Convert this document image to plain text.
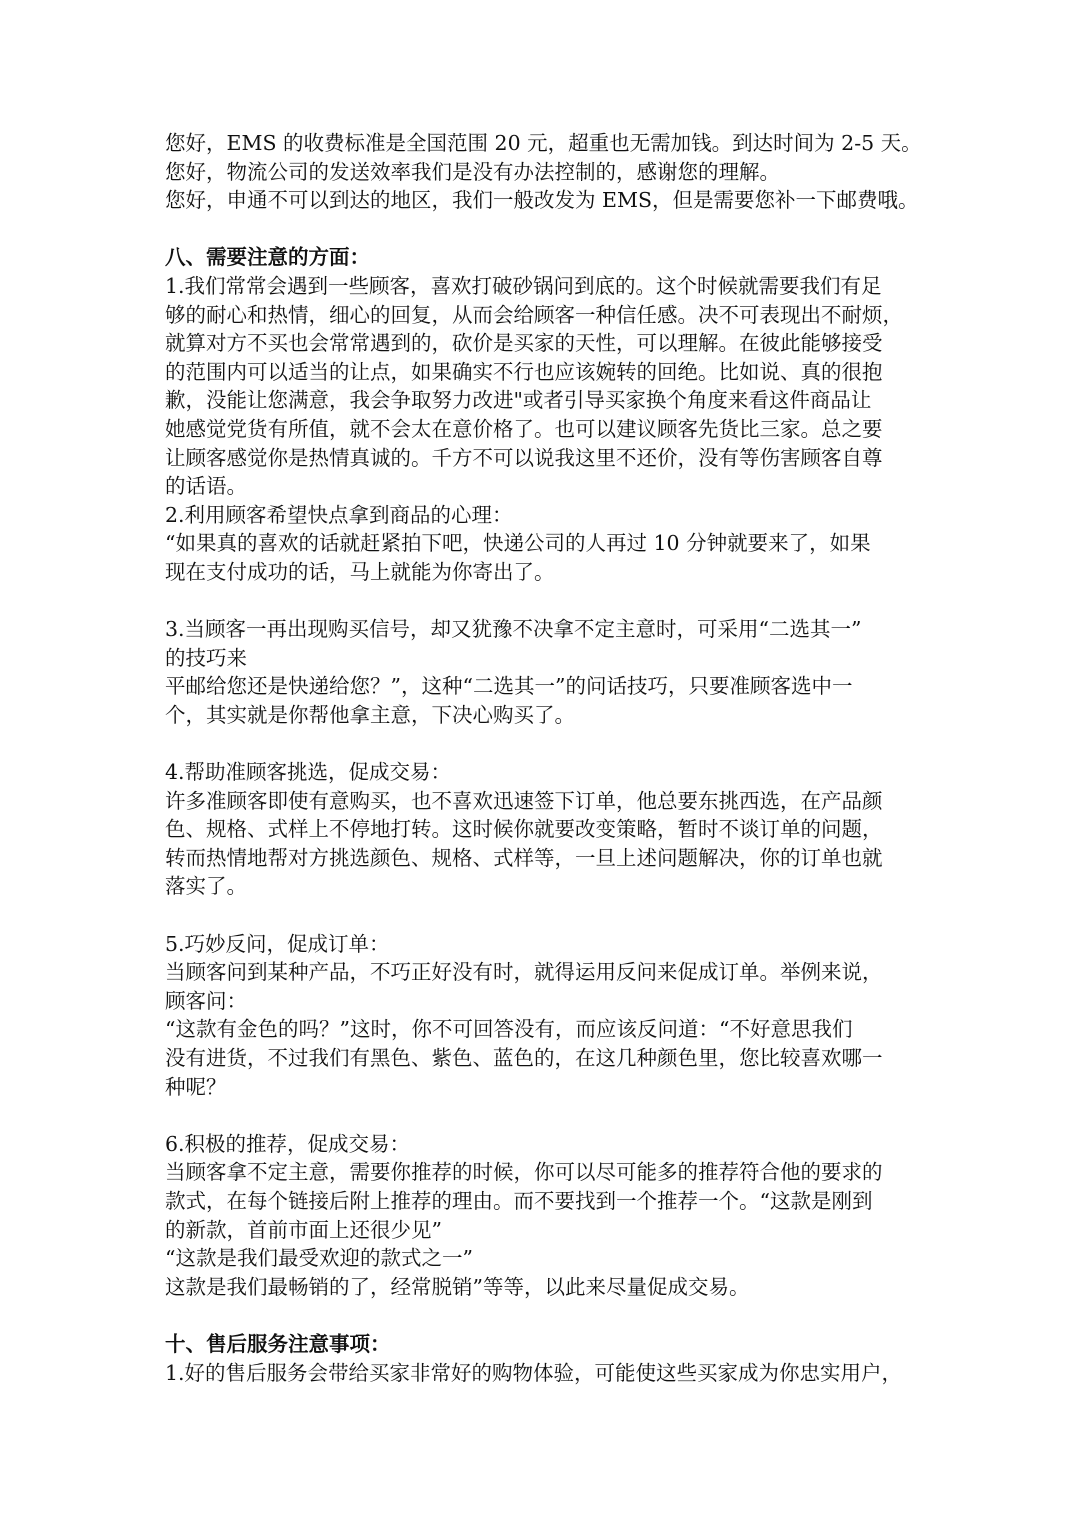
您好，EMS 的收费标准是全国范围 20 元，超重也无需加钱。到达时间为 2-5 天。
您好，物流公司的发送效率我们是没有办法控制的，感谢您的理解。
您好，申通不可以到达的地区，我们一般改发为 EMS，但是需要您补一下邮费哦。
八、需要注意的方面：
1.我们常常会遇到一些顾客，喜欢打破砂锅问到底的。这个时候就需要我们有足
够的耐心和热情，细心的回复，从而会给顾客一种信任感。决不可表现出不耐烦，
就算对方不买也会常常遇到的，砍价是买家的天性，可以理解。在彼此能够接受
的范围内可以适当的让点，如果确实不行也应该婉转的回绝。比如说、真的很抱
歉，没能让您满意，我会争取努力改进"或者引导买家换个角度来看这件商品让
她感觉党货有所值，就不会太在意价格了。也可以建议顾客先货比三家。总之要
让顾客感觉你是热情真诚的。千方不可以说我这里不还价，没有等伤害顾客自尊
的话语。
2.利用顾客希望快点拿到商品的心理：
“如果真的喜欢的话就赶紧拍下吧，快递公司的人再过 10 分钟就要来了，如果
现在支付成功的话，马上就能为你寄出了。
3.当顾客一再出现购买信号，却又犹豫不决拿不定主意时，可采用“二选其一”
的技巧来
平邮给您还是快递给您？”，这种“二选其一”的问话技巧，只要准顾客选中一
个，其实就是你帮他拿主意，下决心购买了。
4.帮助准顾客挑选，促成交易：
许多准顾客即使有意购买，也不喜欢迅速签下订单，他总要东挑西选，在产品颜
色、规格、式样上不停地打转。这时候你就要改变策略，暂时不谈订单的问题，
转而热情地帮对方挑选颜色、规格、式样等，一旦上述问题解决，你的订单也就
落实了。
5.巧妙反问，促成订单：
当顾客问到某种产品，不巧正好没有时，就得运用反问来促成订单。举例来说，
顾客问：
“这款有金色的吗？”这时，你不可回答没有，而应该反问道：“不好意思我们
没有进货，不过我们有黑色、紫色、蓝色的，在这几种颜色里，您比较喜欢哪一
种呢？
6.积极的推荐，促成交易：
当顾客拿不定主意，需要你推荐的时候，你可以尽可能多的推荐符合他的要求的
款式，在每个链接后附上推荐的理由。而不要找到一个推荐一个。“这款是刚到
的新款，首前市面上还很少见”
“这款是我们最受欢迎的款式之一”
这款是我们最畅销的了，经常脱销”等等，以此来尽量促成交易。
十、售后服务注意事项：
1.好的售后服务会带给买家非常好的购物体验，可能使这些买家成为你忠实用户，
